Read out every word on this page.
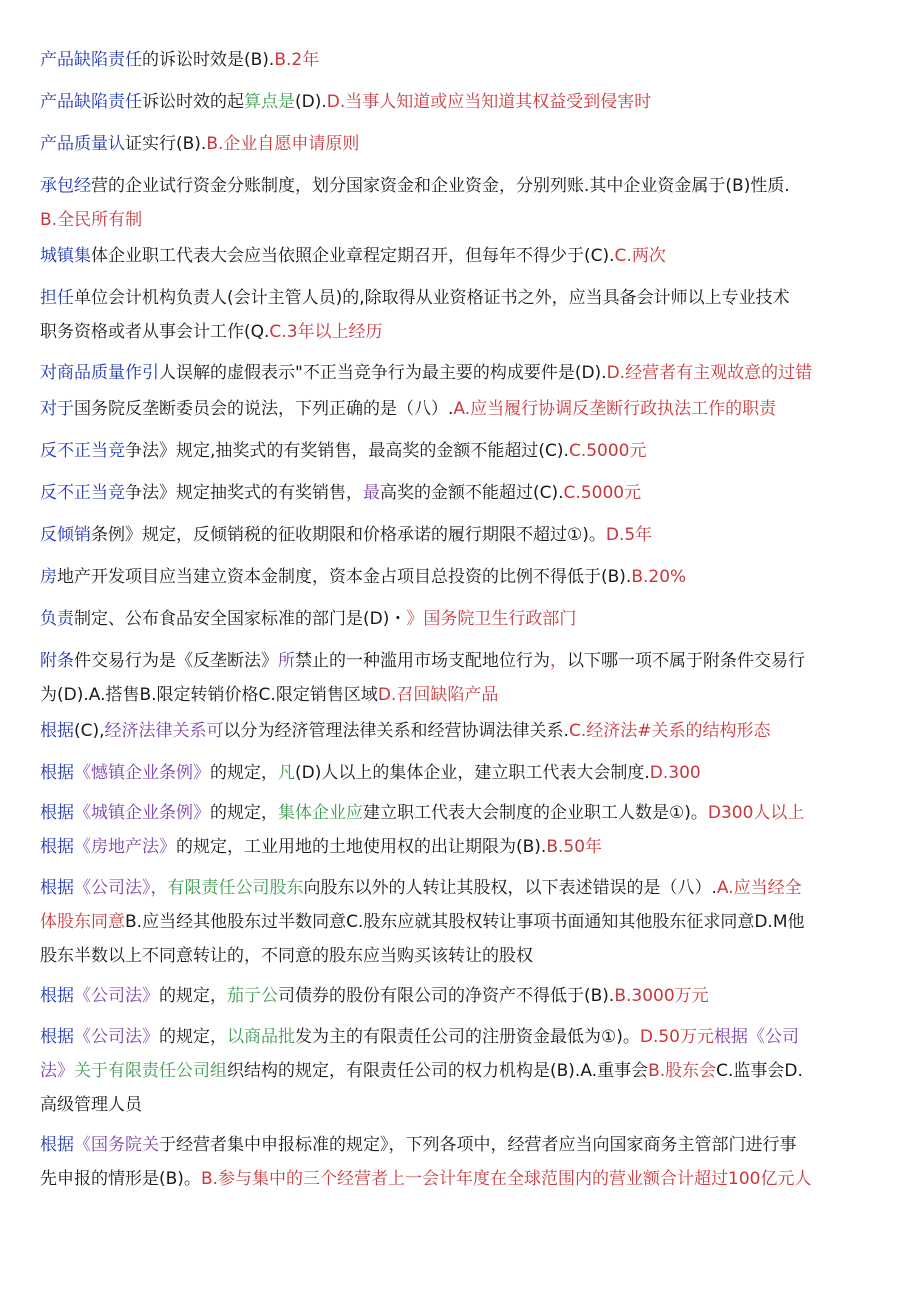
产品缺陷责任的诉讼时效是(B).B.2年
产品缺陷责任诉讼时效的起算点是(D).D.当事人知道或应当知道其权益受到侵害时
产品质量认证实行(B).B.企业自愿申请原则
承包经营的企业试行资金分账制度，划分国家资金和企业资金，分别列账.其中企业资金属于(B)性质.
B.全民所有制
城镇集体企业职工代表大会应当依照企业章程定期召开，但每年不得少于(C).C.两次
担任单位会计机构负责人(会计主管人员)的,除取得从业资格证书之外，应当具备会计师以上专业技术
职务资格或者从事会计工作(Q.C.3年以上经历
对商品质量作引人误解的虚假表示"不正当竞争行为最主要的构成要件是(D).D.经营者有主观故意的过错
对于国务院反垄断委员会的说法，下列正确的是（八）.A.应当履行协调反垄断行政执法工作的职责
反不正当竞争法》规定,抽奖式的有奖销售，最高奖的金额不能超过(C).C.5000元
反不正当竞争法》规定抽奖式的有奖销售，最高奖的金额不能超过(C).C.5000元
反倾销条例》规定，反倾销税的征收期限和价格承诺的履行期限不超过①)。D.5年
房地产开发项目应当建立资本金制度，资本金占项目总投资的比例不得低于(B).B.20%
负责制定、公布食品安全国家标准的部门是(D)・》国务院卫生行政部门
附条件交易行为是《反垄断法》所禁止的一种滥用市场支配地位行为，以下哪一项不属于附条件交易行
为(D).A.搭售B.限定转销价格C.限定销售区域D.召回缺陷产品
根据(C),经济法律关系可以分为经济管理法律关系和经营协调法律关系.C.经济法#关系的结构形态
根据《憾镇企业条例》的规定，凡(D)人以上的集体企业，建立职工代表大会制度.D.300
根据《城镇企业条例》的规定，集体企业应建立职工代表大会制度的企业职工人数是①)。D300人以上
根据《房地产法》的规定，工业用地的土地使用权的出让期限为(B).B.50年
根据《公司法》，有限责任公司股东向股东以外的人转让其股权，以下表述错误的是（八）.A.应当经全
体股东同意B.应当经其他股东过半数同意C.股东应就其股权转让事项书面通知其他股东征求同意D.M他
股东半数以上不同意转让的，不同意的股东应当购买该转让的股权
根据《公司法》的规定，茄亍公司债券的股份有限公司的净资产不得低于(B).B.3000万元
根据《公司法》的规定，以商品批发为主的有限责任公司的注册资金最低为①)。D.50万元根据《公司
法》关于有限责任公司组织结构的规定，有限责任公司的权力机构是(B).A.重事会B.股东会C.监事会D.
高级管理人员
根据《国务院关于经营者集中申报标准的规定》，下列各项中，经营者应当向国家商务主管部门进行事
先申报的情形是(B)。B.参与集中的三个经营者上一会计年度在全球范围内的营业额合计超过100亿元人
